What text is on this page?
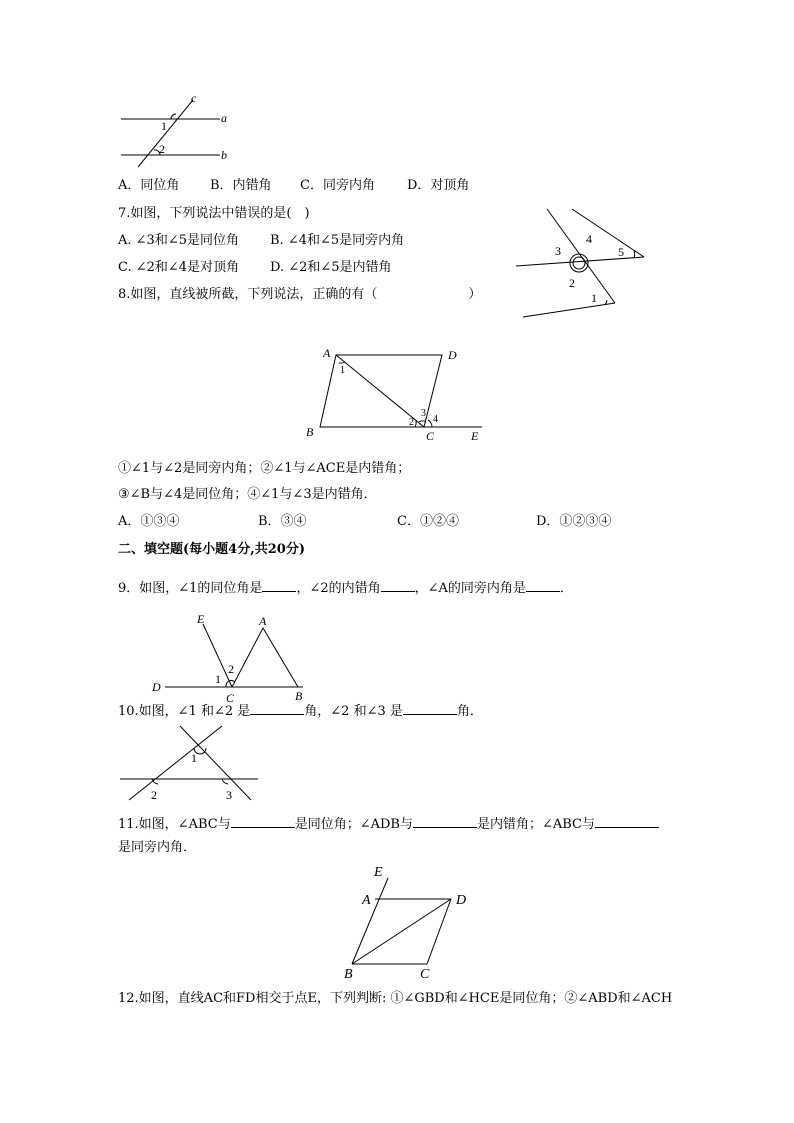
c
a
b
1
2
A．同位角 B．内错角 C．同旁内角 D．对顶角
7.如图，下列说法中错误的是(　)
A. ∠3和∠5是同位角 B. ∠4和∠5是同旁内角
C. ∠2和∠4是对顶角 D. ∠2和∠5是内错角
3
4
5
2
1
8.如图，直线被所截，下列说法，正确的有（　　　　　　　）
A	D
1
3
4
2
B	C	E
①∠1与∠2是同旁内角；②∠1与∠ACE是内错角；
③∠B与∠4是同位角；④∠1与∠3是内错角．
A．①③④	B．③④	C．①②④	D．①②③④
二、填空题(每小题4分,共20分)
9．如图，∠1的同位角是	，∠2的内错角	，∠A的同旁内角是	．
E	A
2
1
D
C	B
10.如图，∠1 和∠2 是	角，∠2 和∠3 是	角．
1
2	3
11.如图，∠ABC与	是同位角；∠ADB与	是内错角；∠ABC与
是同旁内角．
E
A	D
B	C
12.如图，直线AC和FD相交于点E，下列判断: ①∠GBD和∠HCE是同位角；②∠ABD和∠ACH
